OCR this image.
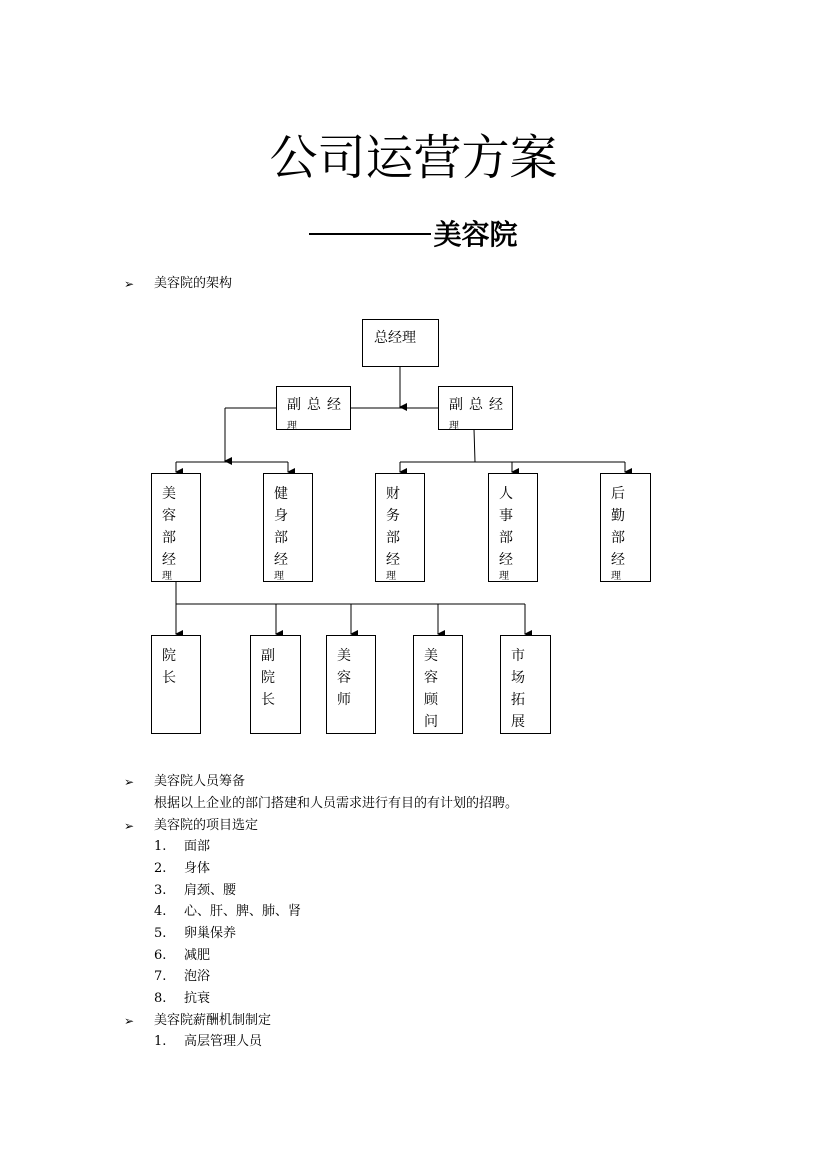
公司运营方案
美容院
➢ 美容院的架构
总经理
副总经
理
副总经
理
美
容
部
经
理
健
身
部
经
理
财
务
部
经
理
人
事
部
经
理
后
勤
部
经
理
院
长
副
院
长
美
容
师
美
容
顾
问
市
场
拓
展
➢ 美容院人员筹备
根据以上企业的部门搭建和人员需求进行有目的有计划的招聘。
➢ 美容院的项目选定
1. 面部
2. 身体
3. 肩颈、腰
4. 心、肝、脾、肺、肾
5. 卵巢保养
6. 减肥
7. 泡浴
8. 抗衰
➢ 美容院薪酬机制制定
1. 高层管理人员
